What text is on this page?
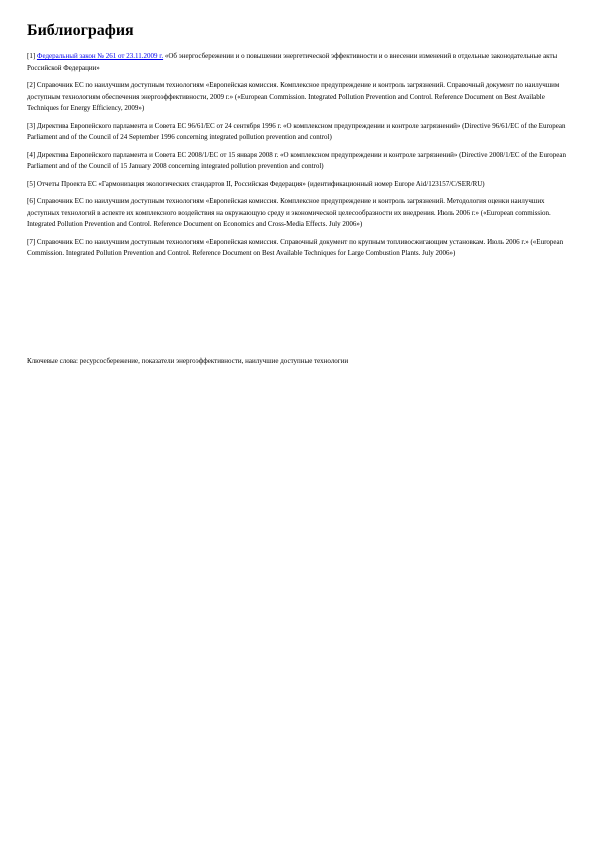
Библиография

[1] Федеральный закон № 261 от 23.11.2009 г. «Об энергосбережении и о повышении энергетической эффективности и о внесении изменений в отдельные законодательные акты Российской Федерации»

[2] Справочник ЕС по наилучшим доступным технологиям «Европейская комиссия. Комплексное предупреждение и контроль загрязнений. Справочный документ по наилучшим доступным технологиям обеспечения энергоэффективности, 2009 г.» («European Commission. Integrated Pollution Prevention and Control. Reference Document on Best Available Techniques for Energy Efficiency, 2009»)

[3] Директива Европейского парламента и Совета ЕС 96/61/ЕС от 24 сентября 1996 г. «О комплексном предупреждении и контроле загрязнений» (Directive 96/61/EC of the European Parliament and of the Council of 24 September 1996 concerning integrated pollution prevention and control)

[4] Директива Европейского парламента и Совета ЕС 2008/1/ЕС от 15 января 2008 г. «О комплексном предупреждении и контроле загрязнений» (Directive 2008/1/EC of the European Parliament and of the Council of 15 January 2008 concerning integrated pollution prevention and control)

[5] Отчеты Проекта ЕС «Гармонизация экологических стандартов II, Российская Федерация» (идентификационный номер Europe Aid/123157/C/SER/RU)

[6] Справочник ЕС по наилучшим доступным технологиям «Европейская комиссия. Комплексное предупреждение и контроль загрязнений. Методология оценки наилучших доступных технологий в аспекте их комплексного воздействия на окружающую среду и экономической целесообразности их внедрения. Июль 2006 г.» («European commission. Integrated Pollution Prevention and Control. Reference Document on Economics and Cross-Media Effects. July 2006»)

[7] Справочник ЕС по наилучшим доступным технологиям «Европейская комиссия. Справочный документ по крупным топливосжигающим установкам. Июль 2006 г.» («European Commission. Integrated Pollution Prevention and Control. Reference Document on Best Available Techniques for Large Combustion Plants. July 2006»)

Ключевые слова: ресурсосбережение, показатели энергоэффективности, наилучшие доступные технологии
